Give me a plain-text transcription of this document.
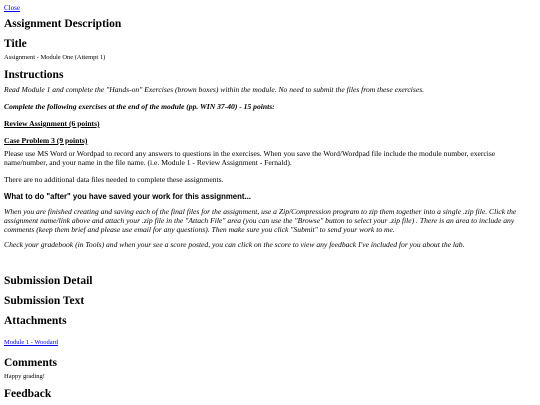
Close
Assignment Description
Title

Assignment - Module One (Attempt 1)

Instructions

Read Module 1 and complete the "Hands-on" Exercises (brown boxes) within the module. No need to submit the files from these exercises.

Complete the following exercises at the end of the module (pp. WIN 37-40) - 15 points:

Review Assignment (6 points)

Case Problem 3 (9 points)

Please use MS Word or Wordpad to record any answers to questions in the exercises. When you save the Word/Wordpad file include the module number, exercise name/number, and your name in the file name. (i.e. Module 1 - Review Assignment - Fernald).

There are no additional data files needed to complete these assignments.

What to do "after" you have saved your work for this assignment...

When you are finished creating and saving each of the final files for the assignment, use a Zip/Compression program to zip them together into a single .zip file. Click the assignment name/link above and attach your .zip file in the "Attach File" area (you can use the "Browse" button to select your .zip file) . There is an area to include any comments (keep them brief and please use email for any questions). Then make sure you click "Submit" to send your work to me.

Check your gradebook (in Tools) and when your see a score posted, you can click on the score to view any feedback I've included for you about the lab.

Submission Detail
Submission Text
Attachments
Module 1 - Woodard
Comments

Happy grading!

Feedback
